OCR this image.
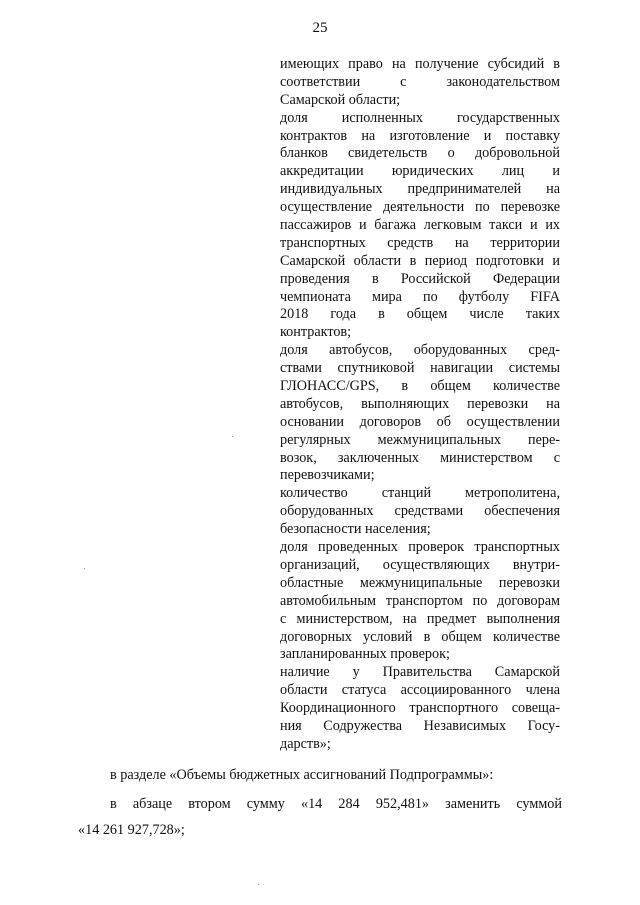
25
имеющих право на получение субсидий в
соответствии с законодательством
Самарской области;
доля исполненных государственных
контрактов на изготовление и поставку
бланков свидетельств о добровольной
аккредитации юридических лиц и
индивидуальных предпринимателей на
осуществление деятельности по перевозке
пассажиров и багажа легковым такси и их
транспортных средств на территории
Самарской области в период подготовки и
проведения в Российской Федерации
чемпионата мира по футболу FIFA
2018 года в общем числе таких
контрактов;
доля автобусов, оборудованных сред-
ствами спутниковой навигации системы
ГЛОНАСС/GPS, в общем количестве
автобусов, выполняющих перевозки на
основании договоров об осуществлении
регулярных межмуниципальных пере-
возок, заключенных министерством с
перевозчиками;
количество станций метрополитена,
оборудованных средствами обеспечения
безопасности населения;
доля проведенных проверок транспортных
организаций, осуществляющих внутри-
областные межмуниципальные перевозки
автомобильным транспортом по договорам
с министерством, на предмет выполнения
договорных условий в общем количестве
запланированных проверок;
наличие у Правительства Самарской
области статуса ассоциированного члена
Координационного транспортного совеща-
ния Содружества Независимых Госу-
дарств»;
в разделе «Объемы бюджетных ассигнований Подпрограммы»:
в абзаце втором сумму «14 284 952,481» заменить суммой
«14 261 927,728»;
